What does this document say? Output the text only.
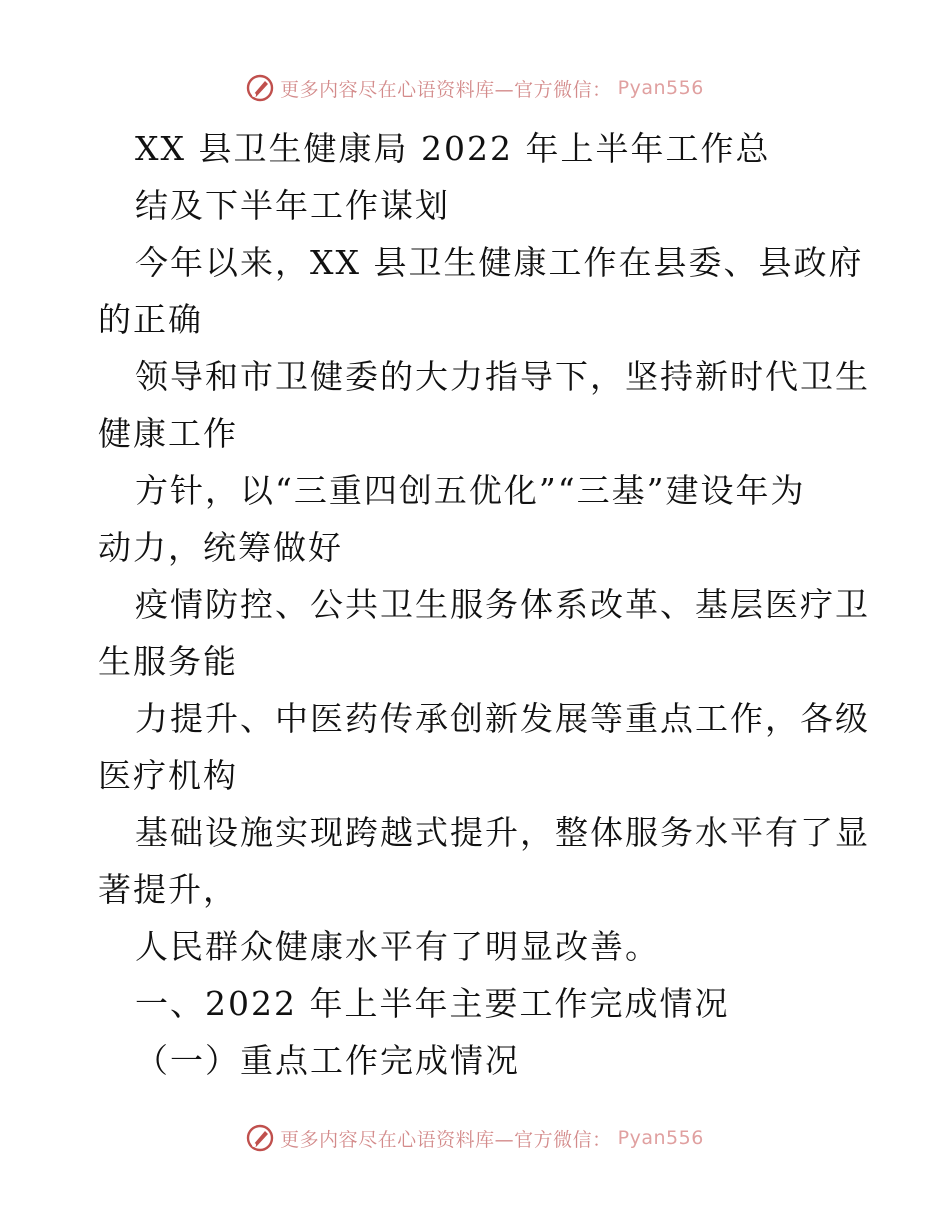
更多内容尽在心语资料库—官方微信： Pyan556
XX 县卫生健康局 2022 年上半年工作总
结及下半年工作谋划
今年以来，XX 县卫生健康工作在县委、县政府
的正确
领导和市卫健委的大力指导下，坚持新时代卫生
健康工作
方针，以“三重四创五优化”“三基”建设年为
动力，统筹做好
疫情防控、公共卫生服务体系改革、基层医疗卫
生服务能
力提升、中医药传承创新发展等重点工作，各级
医疗机构
基础设施实现跨越式提升，整体服务水平有了显
著提升，
人民群众健康水平有了明显改善。
一、2022 年上半年主要工作完成情况
（一）重点工作完成情况
更多内容尽在心语资料库—官方微信： Pyan556
